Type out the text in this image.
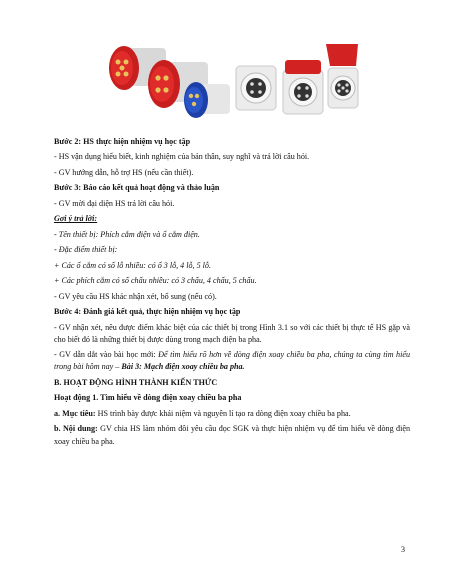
Bước 2: HS thực hiện nhiệm vụ học tập

- HS vận dụng hiểu biết, kinh nghiệm của bản thân, suy nghĩ và trả lời câu hỏi.

- GV hướng dẫn, hỗ trợ HS (nếu cần thiết).

Bước 3: Báo cáo kết quả hoạt động và thảo luận

- GV mời đại diện HS trả lời câu hỏi.

Gợi ý trả lời:

- Tên thiết bị: Phích cắm điện và ổ cắm điện.

- Đặc điểm thiết bị:

+ Các ổ cắm có số lỗ nhiều: có ổ 3 lỗ, 4 lỗ, 5 lỗ.

+ Các phích cắm có số chấu nhiều: có 3 chấu, 4 chấu, 5 chấu.

- GV yêu cầu HS khác nhận xét, bổ sung (nếu có).

Bước 4: Đánh giá kết quả, thực hiện nhiệm vụ học tập

- GV nhận xét, nêu được điểm khác biệt của các thiết bị trong Hình 3.1 so với các thiết bị thực tế HS gặp và cho biết đó là những thiết bị được dùng trong mạch điện ba pha.

- GV dẫn dắt vào bài học mới: Để tìm hiểu rõ hơn về dòng điện xoay chiều ba pha, chúng ta cùng tìm hiểu trong bài hôm nay – Bài 3: Mạch điện xoay chiều ba pha.

B. HOẠT ĐỘNG HÌNH THÀNH KIẾN THỨC

Hoạt động 1. Tìm hiểu về dòng điện xoay chiều ba pha

a. Mục tiêu: HS trình bày được khái niệm và nguyên lí tạo ra dòng điện xoay chiều ba pha.

b. Nội dung: GV chia HS làm nhóm đôi yêu cầu đọc SGK và thực hiện nhiệm vụ để tìm hiểu về dòng điện xoay chiều ba pha.

3
